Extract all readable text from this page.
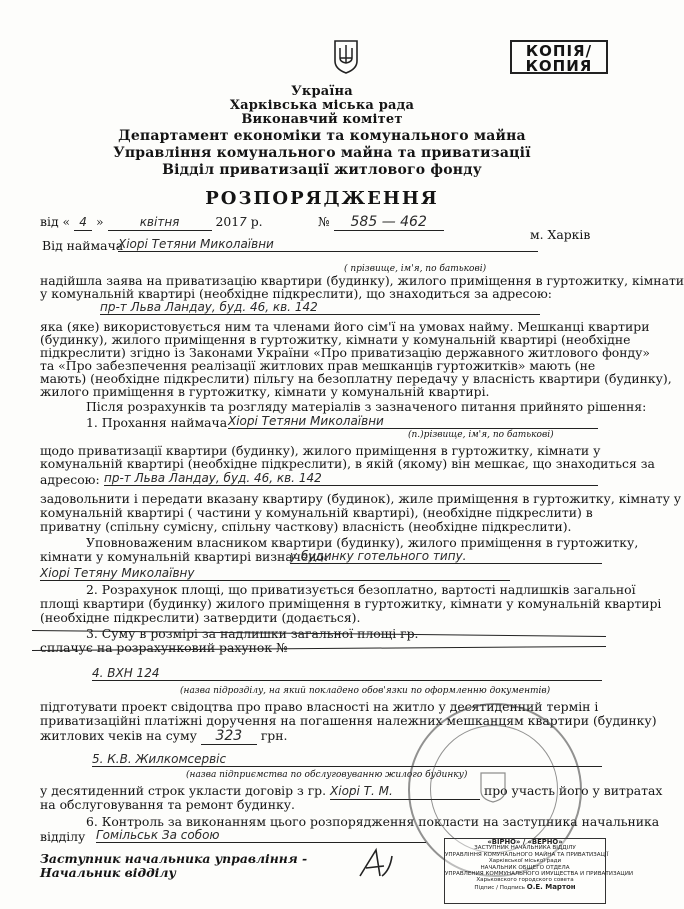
КОПІЯ/
КОПИЯ
Україна
Харківська міська рада
Виконавчий комітет
Департамент економіки та комунального майна
Управління комунального майна та приватизації
Відділ приватизації житлового фонду
РОЗПОРЯДЖЕННЯ
від « 4 »	квітня	2017 р.	№ 585 — 462
м. Харків
Від наймача
Хіорі Тетяни Миколаївни
( прізвище, ім'я, по батькові)
надійшла заява на приватизацію квартири (будинку), жилого приміщення в гуртожитку, кімнати
у комунальній квартирі (необхідне підкреслити), що знаходиться за адресою:
пр-т Льва Ландау, буд. 46, кв. 142
яка (яке) використовується ним та членами його сім'ї на умовах найму. Мешканці квартири
(будинку), жилого приміщення в гуртожитку, кімнати у комунальній квартирі (необхідне
підкреслити) згідно із Законами України «Про приватизацію державного житлового фонду»
та «Про забезпечення реалізації житлових прав мешканців гуртожитків» мають (не
мають) (необхідне підкреслити) пільгу на безоплатну передачу у власність квартири (будинку),
жилого приміщення в гуртожитку, кімнати у комунальній квартирі.
Після розрахунків та розгляду матеріалів з зазначеного питання прийнято рішення:
1. Прохання наймача Хіорі Тетяни Миколаївни
(п.)різвище, ім'я, по батькові)
щодо приватизації квартири (будинку), жилого приміщення в гуртожитку, кімнати у
комунальній квартирі (необхідне підкреслити), в якій (якому) він мешкає, що знаходиться за
адресою: пр-т Льва Ландау, буд. 46, кв. 142
задовольнити і передати вказану квартиру (будинок), жиле приміщення в гуртожитку, кімнату у
комунальній квартирі ( частини у комунальній квартирі), (необхідне підкреслити) в
приватну (спільну сумісну, спільну часткову) власність (необхідне підкреслити).
Уповноваженим власником квартири (будинку), жилого приміщення в гуртожитку,
кімнати у комунальній квартирі визначено:
у будинку готельного типу.
Хіорі Тетяну Миколаївну
2. Розрахунок площі, що приватизується безоплатно, вартості надлишків загальної
площі квартири (будинку) жилого приміщення в гуртожитку, кімнати у комунальній квартирі
(необхідне підкреслити) затвердити (додається).
3. Суму в розмірі за надлишки загальної площі гр.
сплачує на розрахунковий рахунок №
4. ВХН 124
(назва підрозділу, на який покладено обов'язки по оформленню документів)
підготувати проект свідоцтва про право власності на житло у десятиденний термін і
приватизаційні платіжні доручення на погашення належних мешканцям квартири (будинку)
житлових чеків на суму 323 грн.
5. К.В. Жилкомсервіс
(назва підприємства по обслуговуванню жилого будинку)
у десятиденний строк укласти договір з гр. Хіорі Т. М.	про участь його у витратах
на обслуговування та ремонт будинку.
6. Контроль за виконанням цього розпорядження покласти на заступника начальника
відділу Гомільськ За собою
Заступник начальника управління -
Начальник відділу
«ВІРНО» / «ВЕРНО»
ЗАСТУПНИК НАЧАЛЬНИКА ВІДДІЛУ
УПРАВЛІННЯ КОМУНАЛЬНОГО МАЙНА ТА ПРИВАТИЗАЦІЇ
Харківської міської ради
НАЧАЛЬНИК ОБЩЕГО ОТДЕЛА
УПРАВЛЕНИЯ КОММУНАЛЬНОГО ИМУЩЕСТВА И ПРИВАТИЗАЦИИ
Харьковского городского совета
Підпис / Подпись О.Е. Мартон
